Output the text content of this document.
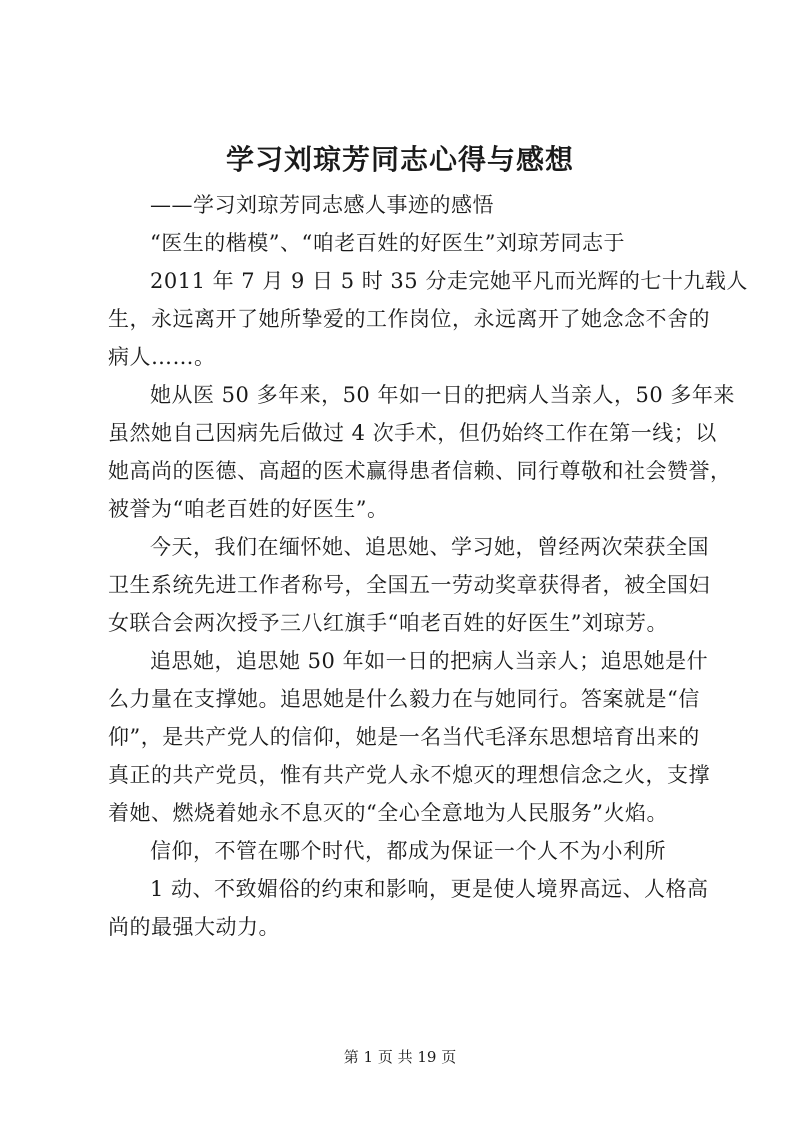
学习刘琼芳同志心得与感想
——学习刘琼芳同志感人事迹的感悟
“医生的楷模”、“咱老百姓的好医生”刘琼芳同志于
2011 年 7 月 9 日 5 时 35 分走完她平凡而光辉的七十九载人
生，永远离开了她所挚爱的工作岗位，永远离开了她念念不舍的
病人……。
她从医 50 多年来，50 年如一日的把病人当亲人，50 多年来
虽然她自己因病先后做过 4 次手术，但仍始终工作在第一线；以
她高尚的医德、高超的医术赢得患者信赖、同行尊敬和社会赞誉，
被誉为“咱老百姓的好医生”。
今天，我们在缅怀她、追思她、学习她，曾经两次荣获全国
卫生系统先进工作者称号，全国五一劳动奖章获得者，被全国妇
女联合会两次授予三八红旗手“咱老百姓的好医生”刘琼芳。
追思她，追思她 50 年如一日的把病人当亲人；追思她是什
么力量在支撑她。追思她是什么毅力在与她同行。答案就是“信
仰”，是共产党人的信仰，她是一名当代毛泽东思想培育出来的
真正的共产党员，惟有共产党人永不熄灭的理想信念之火，支撑
着她、燃烧着她永不息灭的“全心全意地为人民服务”火焰。
信仰，不管在哪个时代，都成为保证一个人不为小利所
1 动、不致媚俗的约束和影响，更是使人境界高远、人格高
尚的最强大动力。
第 1 页 共 19 页
